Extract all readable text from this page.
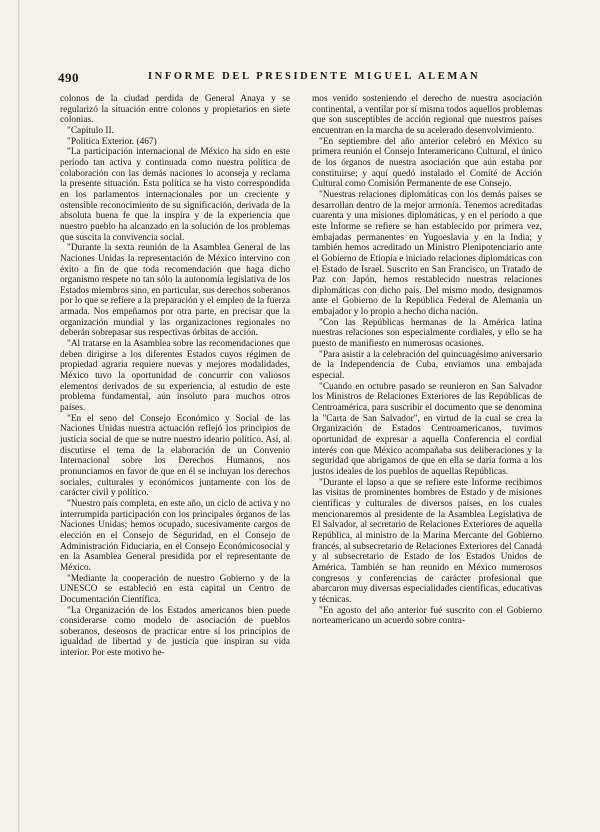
490	INFORME DEL PRESIDENTE MIGUEL ALEMAN

colonos de la ciudad perdida de General Anaya y se regularizó la situación entre colonos y propietarios en siete colonias.

"Capítulo II.

"Política Exterior. (467)

"La participación internacional de México ha sido en este período tan activa y continuada como nuestra política de colaboración con las demás naciones lo aconseja y reclama la presente situación. Esta política se ha visto correspondida en los parlamentos internacionales por un creciente y ostensible reconocimiento de su significación, derivada de la absoluta buena fe que la inspira y de la experiencia que nuestro pueblo ha alcanzado en la solución de los problemas que suscita la convivencia social.

"Durante la sexta reunión de la Asamblea General de las Naciones Unidas la representación de México intervino con éxito a fin de que toda recomendación que haga dicho organismo respete no tan sólo la autonomía legislativa de los Estados miembros sino, en particular, sus derechos soberanos por lo que se refiere a la preparación y el empleo de la fuerza armada. Nos empeñamos por otra parte, en precisar que la organización mundial y las organizaciones regionales no deberán sobrepasar sus respectivas órbitas de acción.

"Al tratarse en la Asamblea sobre las recomendaciones que deben dirigirse a los diferentes Estados cuyos régimen de propiedad agraria requiere nuevas y mejores modalidades, México tuvo la oportunidad de concurrir con valiosos elementos derivados de su experiencia, al estudio de este problema fundamental, aún insoluto para muchos otros países.

"En el seno del Consejo Económico y Social de las Naciones Unidas nuestra actuación reflejó los principios de justicia social de que se nutre nuestro ideario político. Así, al discutirse el tema de la elaboración de un Convenio Internacional sobre los Derechos Humanos, nos pronunciamos en favor de que en él se incluyan los derechos sociales, culturales y económicos juntamente con los de carácter civil y político.

"Nuestro país completa, en este año, un ciclo de activa y no interrumpida participación con los principales órganos de las Naciones Unidas; hemos ocupado, sucesivamente cargos de elección en el Consejo de Seguridad, en el Consejo de Administración Fiduciaria, en el Consejo Económicosocial y en la Asamblea General presidida por el representante de México.

"Mediante la cooperación de nuestro Gobierno y de la UNESCO se estableció en esta capital un Centro de Documentación Científica.

"La Organización de los Estados americanos bien puede considerarse como modelo de asociación de pueblos soberanos, deseosos de practicar entre sí los principios de igualdad de libertad y de justicia que inspiran su vida interior. Por este motivo he-

mos venido sosteniendo el derecho de nuestra asociación continental, a ventilar por sí misma todos aquellos problemas que son susceptibles de acción regional que nuestros países encuentran en la marcha de su acelerado desenvolvimiento.

"En septiembre del año anterior celebró en México su primera reunión el Consejo Interamericano Cultural, el único de los órganos de nuestra asociación que aún estaba por constituirse; y aquí quedó instalado el Comité de Acción Cultural como Comisión Permanente de ese Consejo.

"Nuestras relaciones diplomáticas con los demás países se desarrollan dentro de la mejor armonía. Tenemos acreditadas cuarenta y una misiones diplomáticas, y en el período a que este Informe se refiere se han establecido por primera vez, embajadas permanentes en Yugoeslavia y en la India; y también hemos acreditado un Ministro Plenipotenciario ante el Gobierno de Etiopía e iniciado relaciones diplomáticas con el Estado de Israel. Suscrito en San Francisco, un Tratado de Paz con Japón, hemos restablecido nuestras relaciones diplomáticas con dicho país. Del mismo modo, designamos ante el Gobierno de la República Federal de Alemania un embajador y lo propio a hecho dicha nación.

"Con las Repúblicas hermanas de la América latina nuestras relaciones son especialmente cordiales, y ello se ha puesto de manifiesto en numerosas ocasiones.

"Para asistir a la celebración del quincuagésimo aniversario de la Independencia de Cuba, enviamos una embajada especial.

"Cuando en octubre pasado se reunieron en San Salvador los Ministros de Relaciones Exteriores de las Repúblicas de Centroamérica, para suscribir el documento que se denomina la "Carta de San Salvador", en virtud de la cual se crea la Organización de Estados Centroamericanos, tuvimos oportunidad de expresar a aquella Conferencia el cordial interés con que México acompañaba sus deliberaciones y la seguridad que abrigamos de que en ella se daría forma a los justos ideales de los pueblos de aquellas Repúblicas.

"Durante el lapso a que se refiere este Informe recibimos las visitas de prominentes hombres de Estado y de misiones científicas y culturales de diversos países, en los cuales mencionaremos al presidente de la Asamblea Legislativa de El Salvador, al secretario de Relaciones Exteriores de aquella República, al ministro de la Marina Mercante del Gobierno francés, al subsecretario de Relaciones Exteriores del Canadá y al subsecretario de Estado de los Estados Unidos de América. También se han reunido en México numerosos congresos y conferencias de carácter profesional que abarcaron muy diversas especialidades científicas, educativas y técnicas.

"En agosto del año anterior fué suscrito con el Gobierno norteamericano un acuerdo sobre contra-
